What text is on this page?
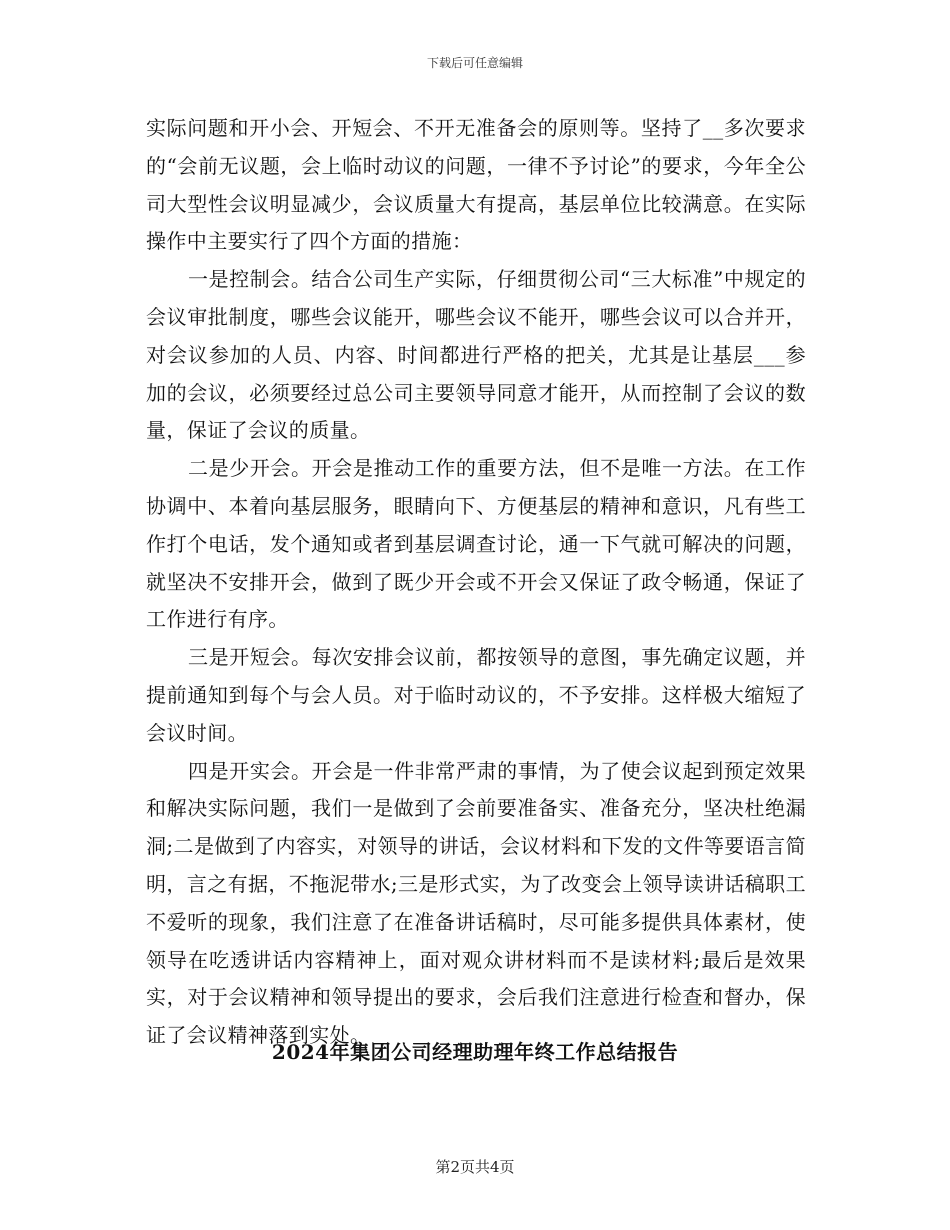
下载后可任意编辑

实际问题和开小会、开短会、不开无准备会的原则等。坚持了__多次要求的“会前无议题，会上临时动议的问题，一律不予讨论”的要求，今年全公司大型性会议明显减少，会议质量大有提高，基层单位比较满意。在实际操作中主要实行了四个方面的措施：

一是控制会。结合公司生产实际，仔细贯彻公司“三大标准”中规定的会议审批制度，哪些会议能开，哪些会议不能开，哪些会议可以合并开，对会议参加的人员、内容、时间都进行严格的把关，尤其是让基层___参加的会议，必须要经过总公司主要领导同意才能开，从而控制了会议的数量，保证了会议的质量。

二是少开会。开会是推动工作的重要方法，但不是唯一方法。在工作协调中、本着向基层服务，眼睛向下、方便基层的精神和意识，凡有些工作打个电话，发个通知或者到基层调查讨论，通一下气就可解决的问题，就坚决不安排开会，做到了既少开会或不开会又保证了政令畅通，保证了工作进行有序。

三是开短会。每次安排会议前，都按领导的意图，事先确定议题，并提前通知到每个与会人员。对于临时动议的，不予安排。这样极大缩短了会议时间。

四是开实会。开会是一件非常严肃的事情，为了使会议起到预定效果和解决实际问题，我们一是做到了会前要准备实、准备充分，坚决杜绝漏洞;二是做到了内容实，对领导的讲话，会议材料和下发的文件等要语言简明，言之有据，不拖泥带水;三是形式实，为了改变会上领导读讲话稿职工不爱听的现象，我们注意了在准备讲话稿时，尽可能多提供具体素材，使领导在吃透讲话内容精神上，面对观众讲材料而不是读材料;最后是效果实，对于会议精神和领导提出的要求，会后我们注意进行检查和督办，保证了会议精神落到实处。

2024年集团公司经理助理年终工作总结报告
第2页共4页
